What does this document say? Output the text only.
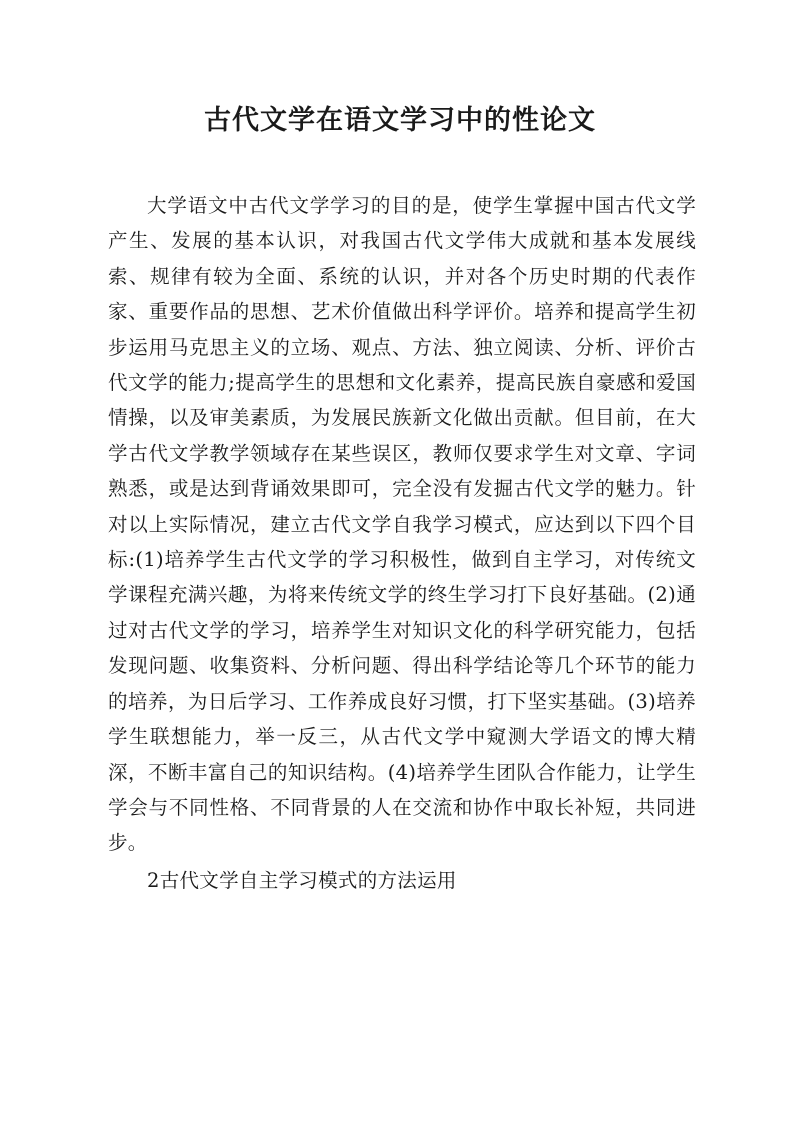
古代文学在语文学习中的性论文

大学语文中古代文学学习的目的是，使学生掌握中国古代文学产生、发展的基本认识，对我国古代文学伟大成就和基本发展线索、规律有较为全面、系统的认识，并对各个历史时期的代表作家、重要作品的思想、艺术价值做出科学评价。培养和提高学生初步运用马克思主义的立场、观点、方法、独立阅读、分析、评价古代文学的能力;提高学生的思想和文化素养，提高民族自豪感和爱国情操，以及审美素质，为发展民族新文化做出贡献。但目前，在大学古代文学教学领域存在某些误区，教师仅要求学生对文章、字词熟悉，或是达到背诵效果即可，完全没有发掘古代文学的魅力。针对以上实际情况，建立古代文学自我学习模式，应达到以下四个目标:(1)培养学生古代文学的学习积极性，做到自主学习，对传统文学课程充满兴趣，为将来传统文学的终生学习打下良好基础。(2)通过对古代文学的学习，培养学生对知识文化的科学研究能力，包括发现问题、收集资料、分析问题、得出科学结论等几个环节的能力的培养，为日后学习、工作养成良好习惯，打下坚实基础。(3)培养学生联想能力，举一反三，从古代文学中窥测大学语文的博大精深，不断丰富自己的知识结构。(4)培养学生团队合作能力，让学生学会与不同性格、不同背景的人在交流和协作中取长补短，共同进步。

2古代文学自主学习模式的方法运用
